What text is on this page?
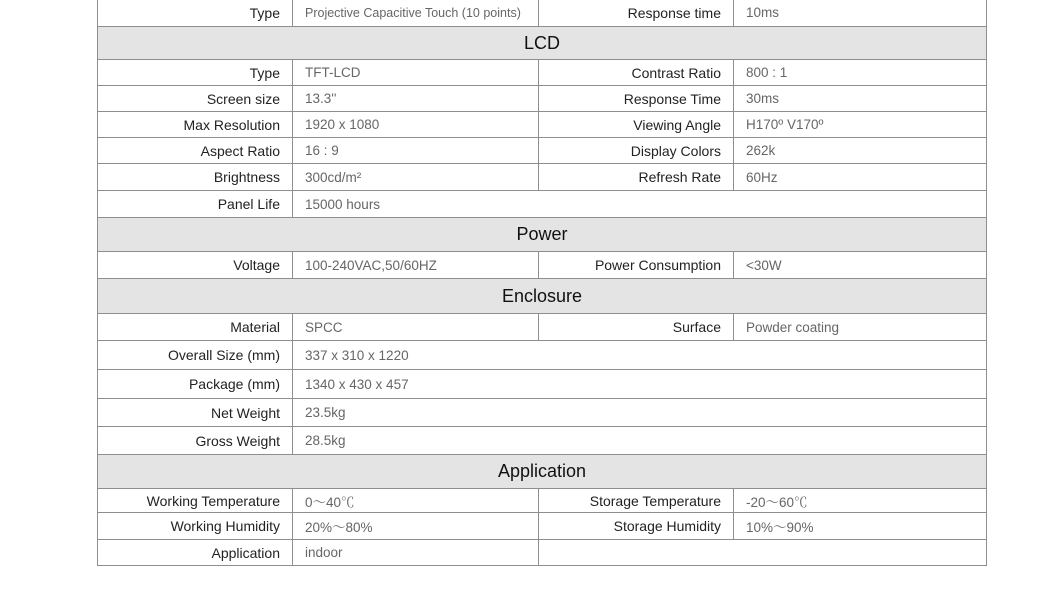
Type	Projective Capacitive Touch (10 points)	Response time	10ms
LCD			
Type	TFT-LCD	Contrast Ratio	800 : 1
Screen size	13.3''	Response Time	30ms
Max Resolution	1920 x 1080	Viewing Angle	H170º V170º
Aspect Ratio	16 : 9	Display Colors	262k
Brightness	300cd/m²	Refresh Rate	60Hz
Panel Life	15000 hours		
Power			
Voltage	100-240VAC,50/60HZ	Power Consumption	<30W
Enclosure			
Material	SPCC	Surface	Powder coating
Overall Size (mm)	337 x 310 x 1220		
Package (mm)	1340 x 430 x 457		
Net Weight	23.5kg		
Gross Weight	28.5kg		
Application			
Working Temperature	0～40℃	Storage Temperature	-20～60℃
Working Humidity	20%～80%	Storage Humidity	10%～90%
Application	indoor		
